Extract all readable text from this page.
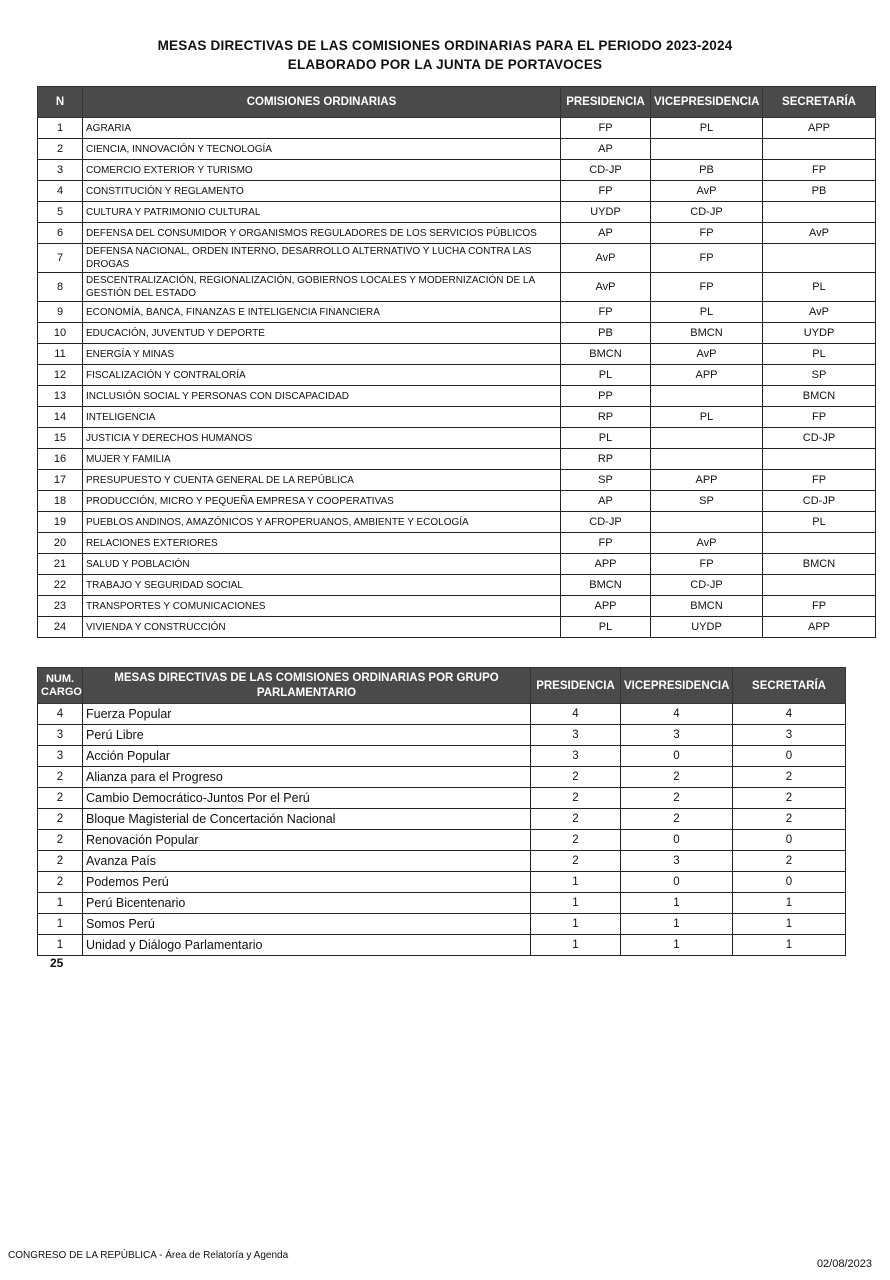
MESAS DIRECTIVAS DE LAS COMISIONES ORDINARIAS PARA EL PERIODO 2023-2024
ELABORADO POR LA JUNTA DE PORTAVOCES
N	COMISIONES ORDINARIAS	PRESIDENCIA	VICEPRESIDENCIA	SECRETARÍA
1	AGRARIA	FP	PL	APP
2	CIENCIA, INNOVACIÓN Y TECNOLOGÍA	AP		
3	COMERCIO EXTERIOR Y TURISMO	CD-JP	PB	FP
4	CONSTITUCIÓN Y REGLAMENTO	FP	AvP	PB
5	CULTURA Y PATRIMONIO CULTURAL	UYDP	CD-JP	
6	DEFENSA DEL CONSUMIDOR Y ORGANISMOS REGULADORES DE LOS SERVICIOS PÚBLICOS	AP	FP	AvP
7	DEFENSA NACIONAL, ORDEN INTERNO, DESARROLLO ALTERNATIVO Y LUCHA CONTRA LAS DROGAS	AvP	FP	
8	DESCENTRALIZACIÓN, REGIONALIZACIÓN, GOBIERNOS LOCALES Y MODERNIZACIÓN DE LA GESTIÓN DEL ESTADO	AvP	FP	PL
9	ECONOMÍA, BANCA, FINANZAS E INTELIGENCIA FINANCIERA	FP	PL	AvP
10	EDUCACIÓN, JUVENTUD Y DEPORTE	PB	BMCN	UYDP
11	ENERGÍA Y MINAS	BMCN	AvP	PL
12	FISCALIZACIÓN Y CONTRALORÍA	PL	APP	SP
13	INCLUSIÓN SOCIAL Y PERSONAS CON DISCAPACIDAD	PP		BMCN
14	INTELIGENCIA	RP	PL	FP
15	JUSTICIA Y DERECHOS HUMANOS	PL		CD-JP
16	MUJER Y FAMILIA	RP		
17	PRESUPUESTO Y CUENTA GENERAL DE LA REPÚBLICA	SP	APP	FP
18	PRODUCCIÓN, MICRO Y PEQUEÑA EMPRESA Y COOPERATIVAS	AP	SP	CD-JP
19	PUEBLOS ANDINOS, AMAZÓNICOS Y AFROPERUANOS, AMBIENTE Y ECOLOGÍA	CD-JP		PL
20	RELACIONES EXTERIORES	FP	AvP	
21	SALUD Y POBLACIÓN	APP	FP	BMCN
22	TRABAJO Y SEGURIDAD SOCIAL	BMCN	CD-JP	
23	TRANSPORTES Y COMUNICACIONES	APP	BMCN	FP
24	VIVIENDA Y CONSTRUCCIÓN	PL	UYDP	APP
NUM.
CARGO	MESAS DIRECTIVAS DE LAS COMISIONES ORDINARIAS POR GRUPO PARLAMENTARIO	PRESIDENCIA	VICEPRESIDENCIA	SECRETARÍA
4	Fuerza Popular	4	4	4
3	Perú Libre	3	3	3
3	Acción Popular	3	0	0
2	Alianza para el Progreso	2	2	2
2	Cambio Democrático-Juntos Por el Perú	2	2	2
2	Bloque Magisterial de Concertación Nacional	2	2	2
2	Renovación Popular	2	0	0
2	Avanza País	2	3	2
2	Podemos Perú	1	0	0
1	Perú Bicentenario	1	1	1
1	Somos Perú	1	1	1
1	Unidad y Diálogo Parlamentario	1	1	1
25
CONGRESO DE LA REPÚBLICA - Área de Relatoría y Agenda
02/08/2023
